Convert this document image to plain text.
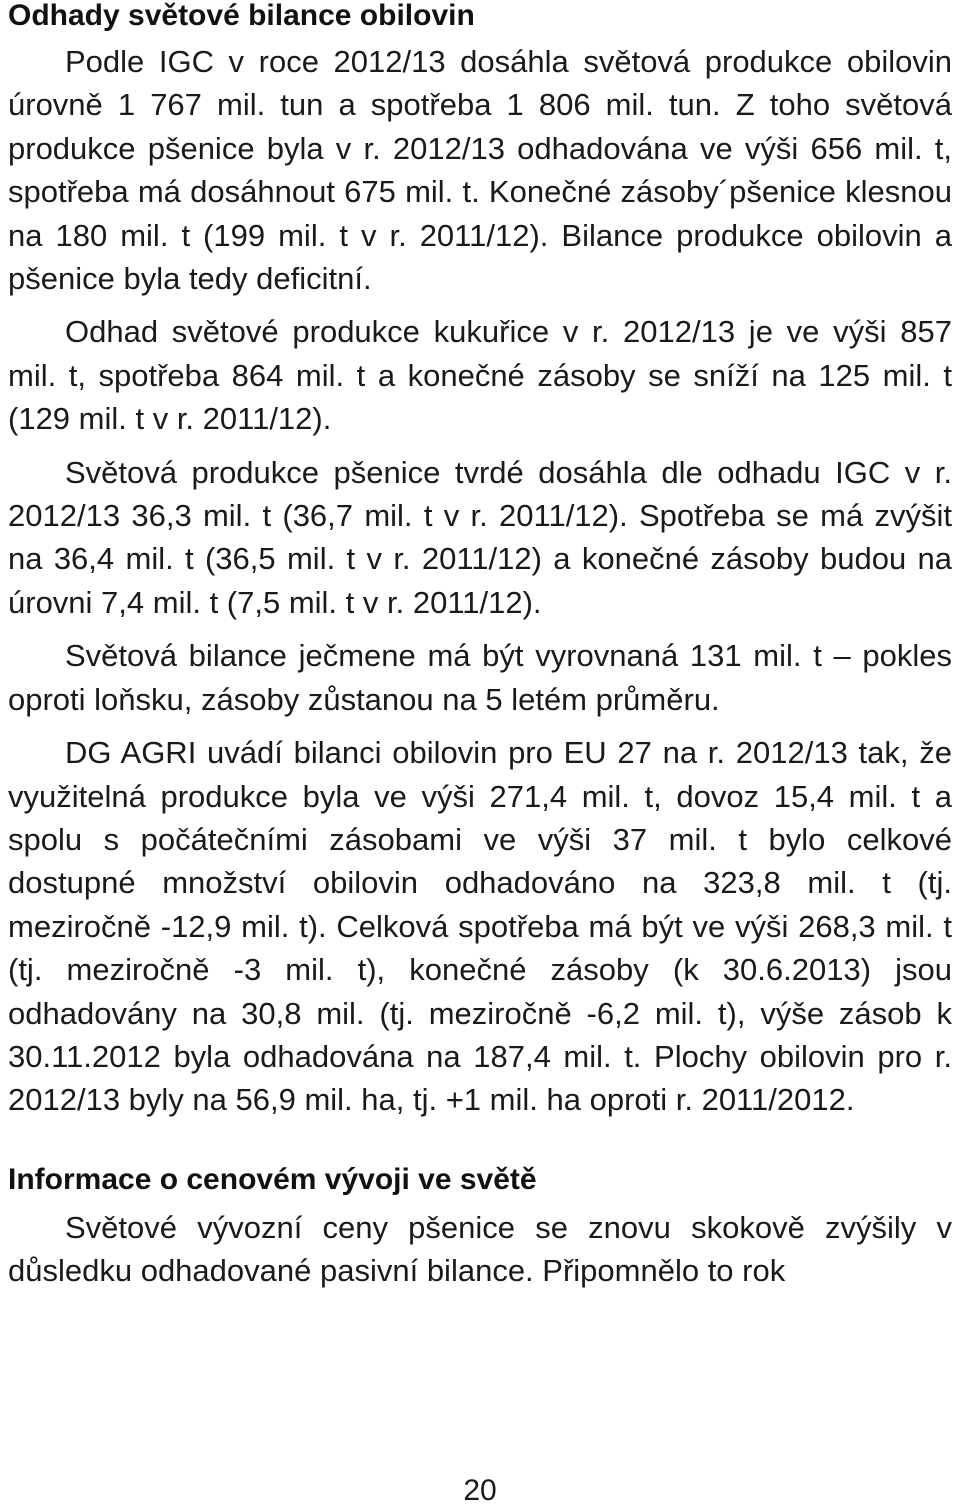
Odhady světové bilance obilovin

Podle IGC v roce 2012/13 dosáhla světová produkce obilovin úrovně 1 767 mil. tun a spotřeba 1 806 mil. tun. Z toho světová produkce pšenice byla v r. 2012/13 odhadována ve výši 656 mil. t, spotřeba má dosáhnout 675 mil. t. Konečné zásoby´pšenice klesnou na 180 mil. t (199 mil. t v r. 2011/12). Bilance produkce obilovin a pšenice byla tedy deficitní.

Odhad světové produkce kukuřice v r. 2012/13 je ve výši 857 mil. t, spotřeba 864 mil. t a konečné zásoby se sníží na 125 mil. t (129 mil. t v r. 2011/12).

Světová produkce pšenice tvrdé dosáhla dle odhadu IGC v r. 2012/13 36,3 mil. t (36,7 mil. t v r. 2011/12). Spotřeba se má zvýšit na 36,4 mil. t (36,5 mil. t v r. 2011/12) a konečné zásoby budou na úrovni 7,4 mil. t (7,5 mil. t v r. 2011/12).

Světová bilance ječmene má být vyrovnaná 131 mil. t – pokles oproti loňsku, zásoby zůstanou na 5 letém průměru.

DG AGRI uvádí bilanci obilovin pro EU 27 na r. 2012/13 tak, že využitelná produkce byla ve výši 271,4 mil. t, dovoz 15,4 mil. t a spolu s počátečními zásobami ve výši 37 mil. t bylo celkové dostupné množství obilovin odhadováno na 323,8 mil. t (tj. meziročně -12,9 mil. t). Celková spotřeba má být ve výši 268,3 mil. t (tj. meziročně -3 mil. t), konečné zásoby (k 30.6.2013) jsou odhadovány na 30,8 mil. (tj. meziročně -6,2 mil. t), výše zásob k 30.11.2012 byla odhadována na 187,4 mil. t. Plochy obilovin pro r. 2012/13 byly na 56,9 mil. ha, tj. +1 mil. ha oproti r. 2011/2012.

Informace o cenovém vývoji ve světě

Světové vývozní ceny pšenice se znovu skokově zvýšily v důsledku odhadované pasivní bilance. Připomnělo to rok

20
